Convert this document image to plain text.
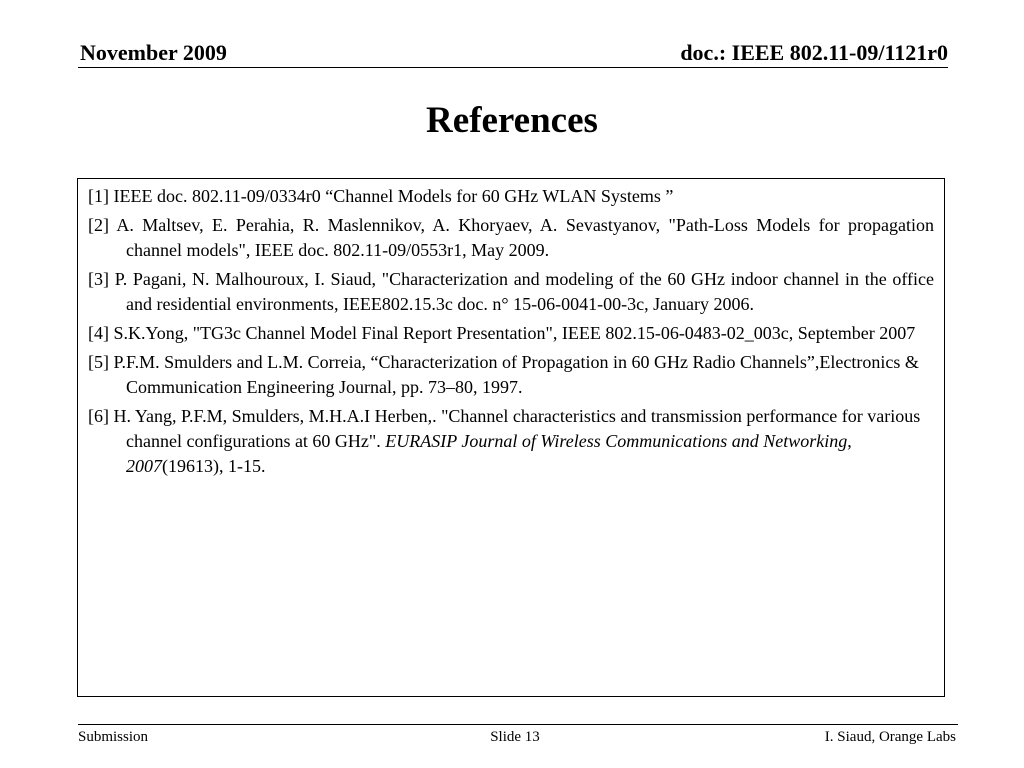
November 2009	doc.: IEEE 802.11-09/1121r0
References

[1] IEEE doc. 802.11-09/0334r0 “Channel Models for 60 GHz WLAN Systems ”

[2] A. Maltsev, E. Perahia, R. Maslennikov, A. Khoryaev, A. Sevastyanov, "Path-Loss Models for propagation channel models", IEEE doc. 802.11-09/0553r1, May 2009.

[3] P. Pagani, N. Malhouroux, I. Siaud, "Characterization and modeling of the 60 GHz indoor channel in the office and residential environments, IEEE802.15.3c doc. n° 15-06-0041-00-3c, January 2006.

[4] S.K.Yong, "TG3c Channel Model Final Report Presentation", IEEE 802.15-06-0483-02_003c, September 2007

[5] P.F.M. Smulders and L.M. Correia, “Characterization of Propagation in 60 GHz Radio Channels”,Electronics & Communication Engineering Journal, pp. 73–80, 1997.

[6] H. Yang, P.F.M, Smulders, M.H.A.I Herben,. "Channel characteristics and transmission performance for various channel configurations at 60 GHz". EURASIP Journal of Wireless Communications and Networking, 2007(19613), 1-15.

Submission	Slide 13	I. Siaud, Orange Labs
